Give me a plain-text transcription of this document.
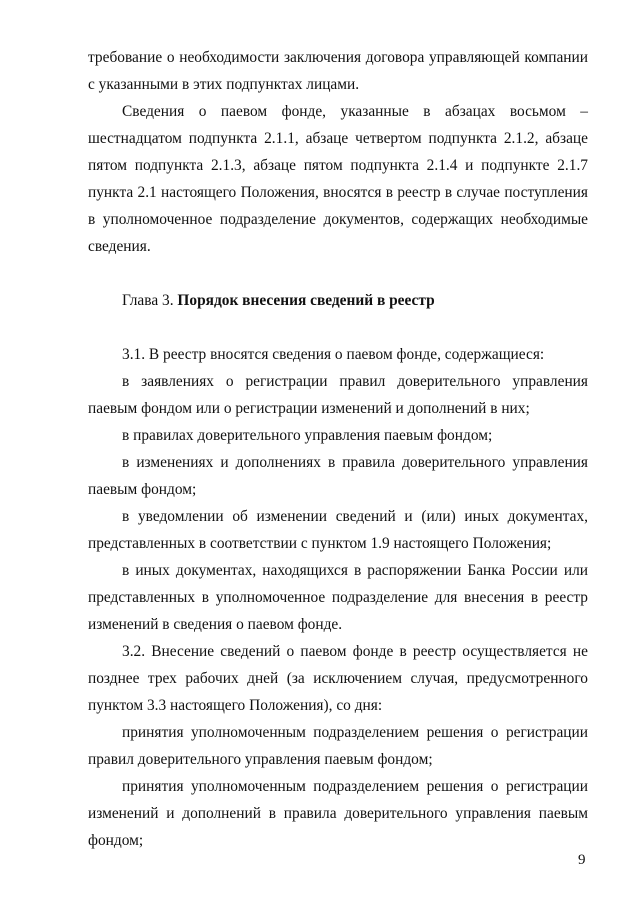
требование о необходимости заключения договора управляющей компании с указанными в этих подпунктах лицами.

Сведения о паевом фонде, указанные в абзацах восьмом – шестнадцатом подпункта 2.1.1, абзаце четвертом подпункта 2.1.2, абзаце пятом подпункта 2.1.3, абзаце пятом подпункта 2.1.4 и подпункте 2.1.7 пункта 2.1 настоящего Положения, вносятся в реестр в случае поступления в уполномоченное подразделение документов, содержащих необходимые сведения.

Глава 3. Порядок внесения сведений в реестр

3.1. В реестр вносятся сведения о паевом фонде, содержащиеся:

в заявлениях о регистрации правил доверительного управления паевым фондом или о регистрации изменений и дополнений в них;

в правилах доверительного управления паевым фондом;

в изменениях и дополнениях в правила доверительного управления паевым фондом;

в уведомлении об изменении сведений и (или) иных документах, представленных в соответствии с пунктом 1.9 настоящего Положения;

в иных документах, находящихся в распоряжении Банка России или представленных в уполномоченное подразделение для внесения в реестр изменений в сведения о паевом фонде.

3.2. Внесение сведений о паевом фонде в реестр осуществляется не позднее трех рабочих дней (за исключением случая, предусмотренного пунктом 3.3 настоящего Положения), со дня:

принятия уполномоченным подразделением решения о регистрации правил доверительного управления паевым фондом;

принятия уполномоченным подразделением решения о регистрации изменений и дополнений в правила доверительного управления паевым фондом;

9
